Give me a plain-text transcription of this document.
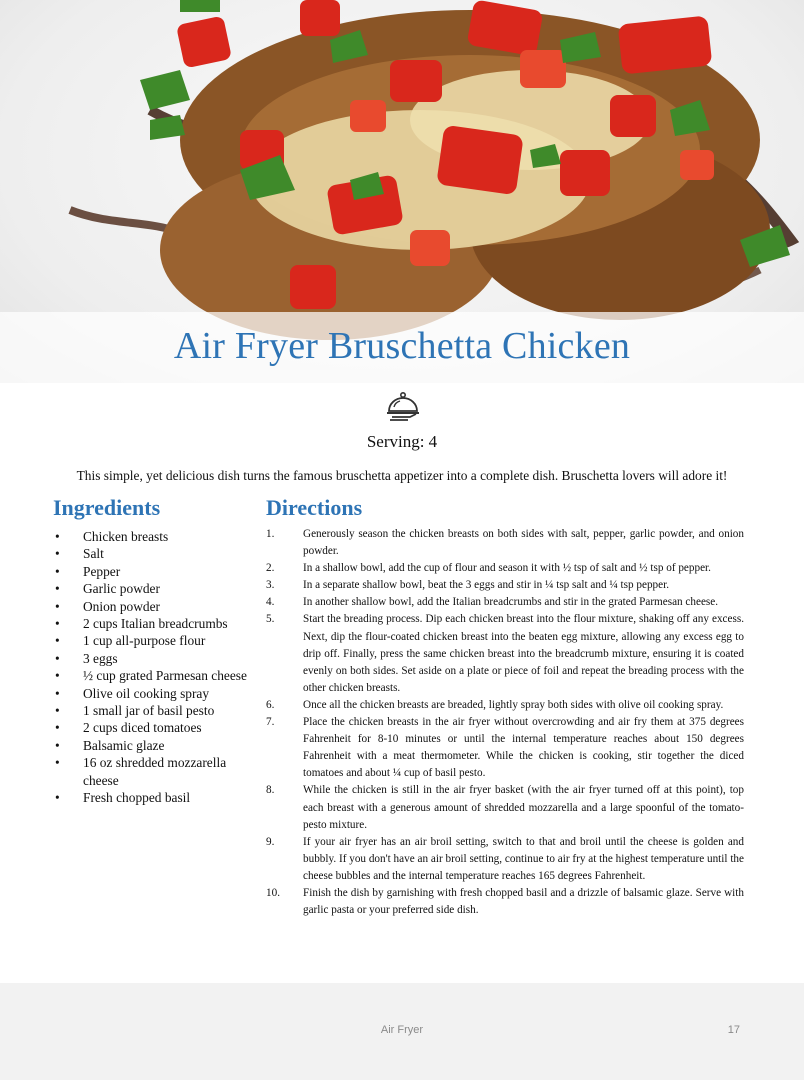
Air Fryer Bruschetta Chicken
Serving: 4
This simple, yet delicious dish turns the famous bruschetta appetizer into a complete dish. Bruschetta lovers will adore it!
Ingredients
• Chicken breasts
• Salt
• Pepper
• Garlic powder
• Onion powder
• 2 cups Italian breadcrumbs
• 1 cup all-purpose flour
• 3 eggs
• ½ cup grated Parmesan cheese
• Olive oil cooking spray
• 1 small jar of basil pesto
• 2 cups diced tomatoes
• Balsamic glaze
• 16 oz shredded mozzarella cheese
• Fresh chopped basil
Directions
1.	Generously season the chicken breasts on both sides with salt, pepper, garlic powder, and onion powder.
2.	In a shallow bowl, add the cup of flour and season it with ½ tsp of salt and ½ tsp of pepper.
3.	In a separate shallow bowl, beat the 3 eggs and stir in ¼ tsp salt and ¼ tsp pepper.
4.	In another shallow bowl, add the Italian breadcrumbs and stir in the grated Parmesan cheese.
5.	Start the breading process. Dip each chicken breast into the flour mixture, shaking off any excess. Next, dip the flour-coated chicken breast into the beaten egg mixture, allowing any excess egg to drip off. Finally, press the same chicken breast into the breadcrumb mixture, ensuring it is coated evenly on both sides. Set aside on a plate or piece of foil and repeat the breading process with the other chicken breasts.
6.	Once all the chicken breasts are breaded, lightly spray both sides with olive oil cooking spray.
7.	Place the chicken breasts in the air fryer without overcrowding and air fry them at 375 degrees Fahrenheit for 8-10 minutes or until the internal temperature reaches about 150 degrees Fahrenheit with a meat thermometer. While the chicken is cooking, stir together the diced tomatoes and about ¼ cup of basil pesto.
8.	While the chicken is still in the air fryer basket (with the air fryer turned off at this point), top each breast with a generous amount of shredded mozzarella and a large spoonful of the tomato-pesto mixture.
9.	If your air fryer has an air broil setting, switch to that and broil until the cheese is golden and bubbly. If you don't have an air broil setting, continue to air fry at the highest temperature until the cheese bubbles and the internal temperature reaches 165 degrees Fahrenheit.
10. Finish the dish by garnishing with fresh chopped basil and a drizzle of balsamic glaze. Serve with garlic pasta or your preferred side dish.
Air Fryer	17
